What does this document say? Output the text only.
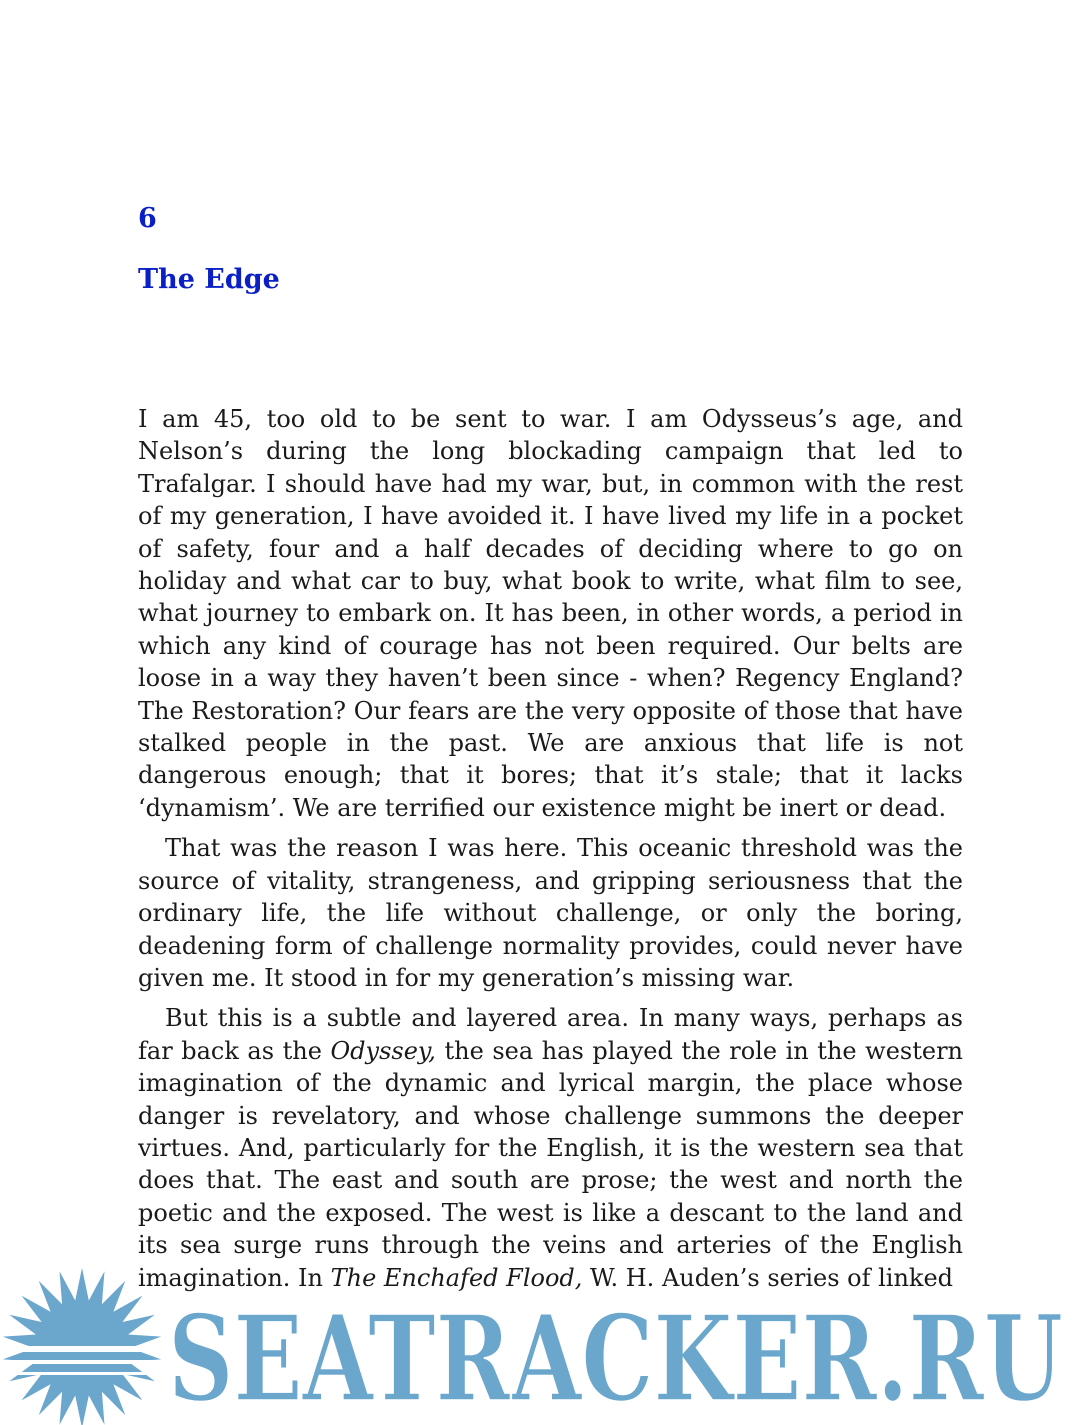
6
The Edge

I am 45, too old to be sent to war. I am Odysseus’s age, and Nelson’s during the long blockading campaign that led to Trafalgar. I should have had my war, but, in common with the rest of my generation, I have avoided it. I have lived my life in a pocket of safety, four and a half decades of deciding where to go on holiday and what car to buy, what book to write, what film to see, what journey to embark on. It has been, in other words, a period in which any kind of courage has not been required. Our belts are loose in a way they haven’t been since - when? Regency England? The Restoration? Our fears are the very opposite of those that have stalked people in the past. We are anxious that life is not dangerous enough; that it bores; that it’s stale; that it lacks ‘dynamism’. We are terrified our existence might be inert or dead.

That was the reason I was here. This oceanic threshold was the source of vitality, strangeness, and gripping seriousness that the ordinary life, the life without challenge, or only the boring, deadening form of challenge normality provides, could never have given me. It stood in for my generation’s missing war.

But this is a subtle and layered area. In many ways, perhaps as far back as the Odyssey, the sea has played the role in the western imagination of the dynamic and lyrical margin, the place whose danger is revelatory, and whose challenge summons the deeper virtues. And, particularly for the English, it is the western sea that does that. The east and south are prose; the west and north the poetic and the exposed. The west is like a descant to the land and its sea surge runs through the veins and arteries of the English imagination. In The Enchafed Flood, W. H. Auden’s series of linked

SEATRACKER.RU
